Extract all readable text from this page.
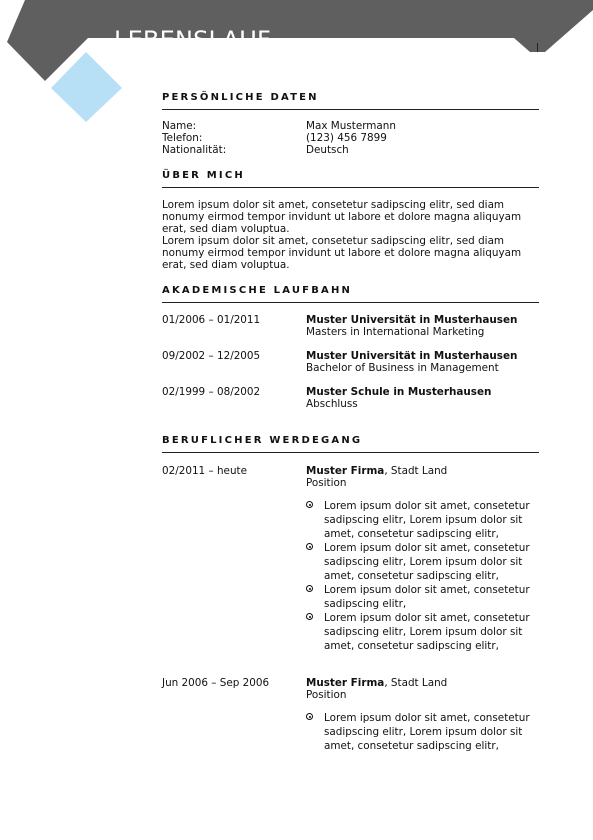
LEBENSLAUF
PERSÖNLICHE DATEN
Name:	Max Mustermann
Telefon:	(123) 456 7899
Nationalität:	Deutsch
ÜBER MICH
Lorem ipsum dolor sit amet, consetetur sadipscing elitr, sed diam nonumy eirmod tempor invidunt ut labore et dolore magna aliquyam erat, sed diam voluptua.
Lorem ipsum dolor sit amet, consetetur sadipscing elitr, sed diam nonumy eirmod tempor invidunt ut labore et dolore magna aliquyam erat, sed diam voluptua.
AKADEMISCHE LAUFBAHN
01/2006 – 01/2011	Muster Universität in Musterhausen
Masters in International Marketing
09/2002 – 12/2005	Muster Universität in Musterhausen
Bachelor of Business in Management
02/1999 – 08/2002	Muster Schule in Musterhausen
Abschluss
BERUFLICHER WERDEGANG
02/2011 – heute	Muster Firma, Stadt Land
Position
Lorem ipsum dolor sit amet, consetetur sadipscing elitr, Lorem ipsum dolor sit amet, consetetur sadipscing elitr,
Lorem ipsum dolor sit amet, consetetur sadipscing elitr, Lorem ipsum dolor sit amet, consetetur sadipscing elitr,
Lorem ipsum dolor sit amet, consetetur sadipscing elitr,
Lorem ipsum dolor sit amet, consetetur sadipscing elitr, Lorem ipsum dolor sit amet, consetetur sadipscing elitr,
Jun 2006 – Sep 2006	Muster Firma, Stadt Land
Position
Lorem ipsum dolor sit amet, consetetur sadipscing elitr, Lorem ipsum dolor sit amet, consetetur sadipscing elitr,
